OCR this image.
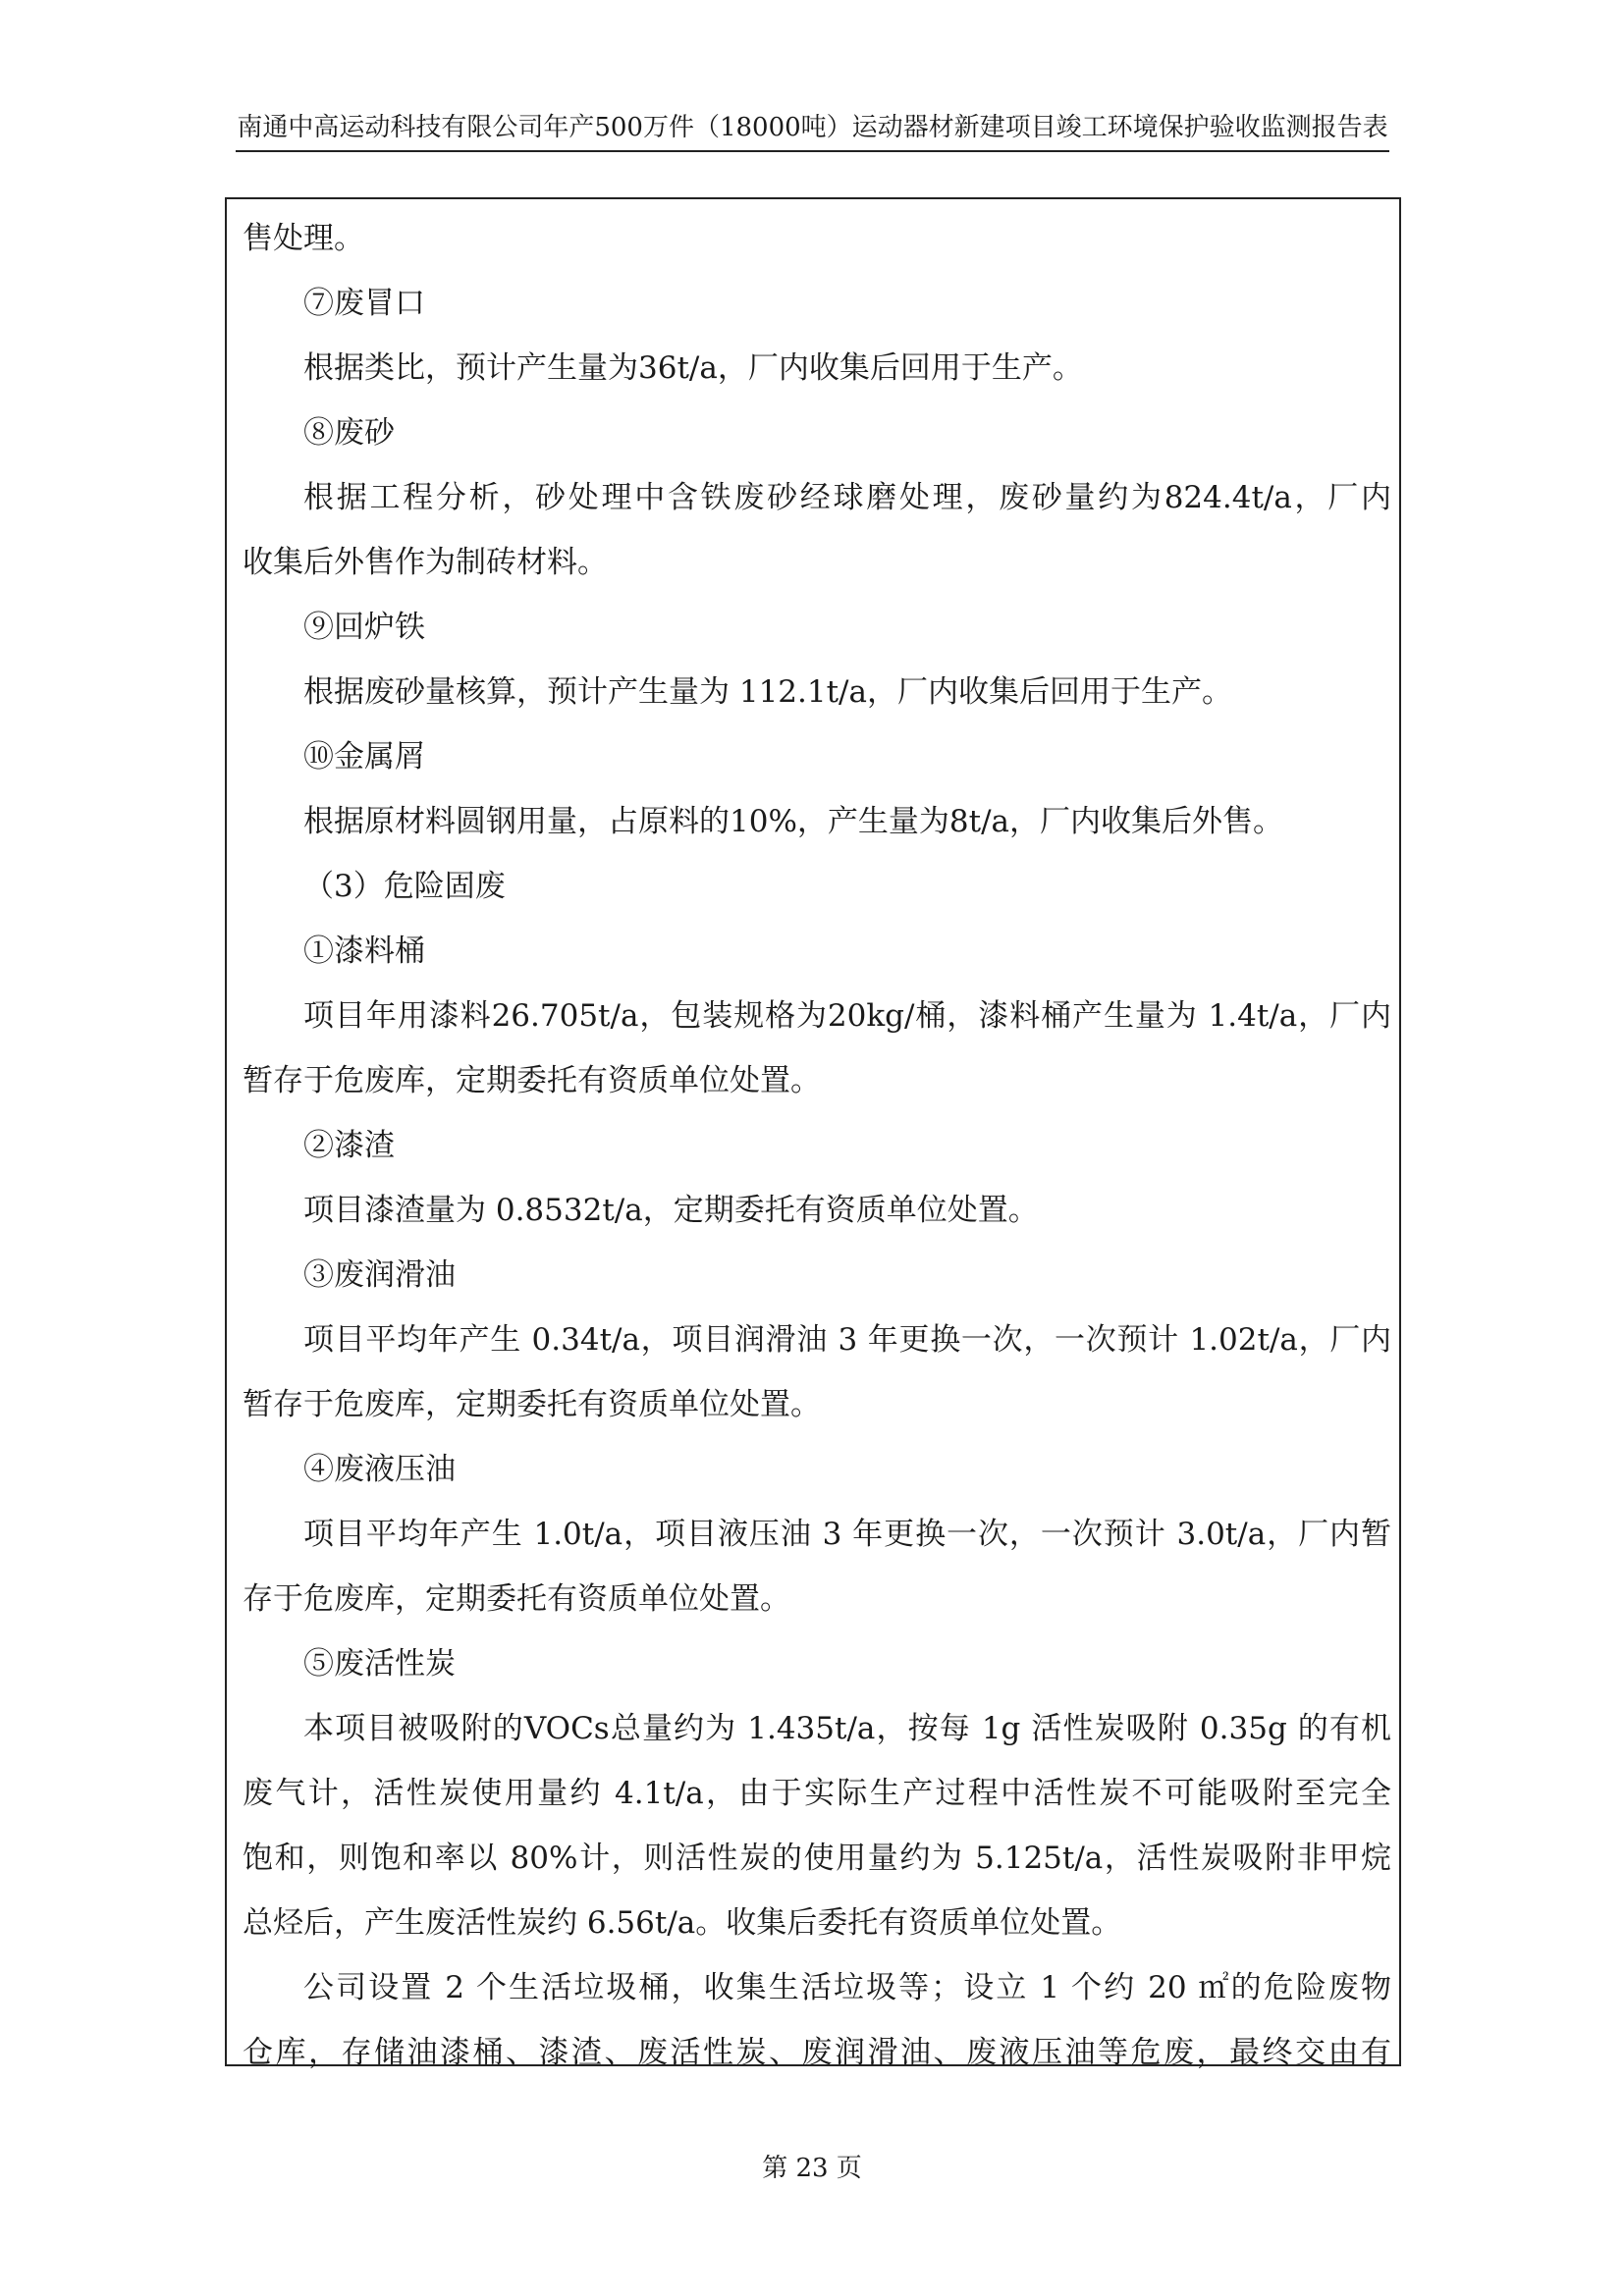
南通中高运动科技有限公司年产500万件（18000吨）运动器材新建项目竣工环境保护验收监测报告表
售处理。
⑦废冒口
根据类比，预计产生量为36t/a，厂内收集后回用于生产。
⑧废砂
根据工程分析，砂处理中含铁废砂经球磨处理，废砂量约为824.4t/a，厂内
收集后外售作为制砖材料。
⑨回炉铁
根据废砂量核算，预计产生量为 112.1t/a，厂内收集后回用于生产。
⑩金属屑
根据原材料圆钢用量，占原料的10%，产生量为8t/a，厂内收集后外售。
（3）危险固废
①漆料桶
项目年用漆料26.705t/a，包装规格为20kg/桶，漆料桶产生量为 1.4t/a，厂内
暂存于危废库，定期委托有资质单位处置。
②漆渣
项目漆渣量为 0.8532t/a，定期委托有资质单位处置。
③废润滑油
项目平均年产生 0.34t/a，项目润滑油 3 年更换一次，一次预计 1.02t/a，厂内
暂存于危废库，定期委托有资质单位处置。
④废液压油
项目平均年产生 1.0t/a，项目液压油 3 年更换一次，一次预计 3.0t/a，厂内暂
存于危废库，定期委托有资质单位处置。
⑤废活性炭
本项目被吸附的VOCs总量约为 1.435t/a，按每 1g 活性炭吸附 0.35g 的有机
废气计，活性炭使用量约 4.1t/a，由于实际生产过程中活性炭不可能吸附至完全
饱和，则饱和率以 80%计，则活性炭的使用量约为 5.125t/a，活性炭吸附非甲烷
总烃后，产生废活性炭约 6.56t/a。收集后委托有资质单位处置。
公司设置 2 个生活垃圾桶，收集生活垃圾等；设立 1 个约 20 ㎡的危险废物
仓库，存储油漆桶、漆渣、废活性炭、废润滑油、废液压油等危废，最终交由有
第 23 页
